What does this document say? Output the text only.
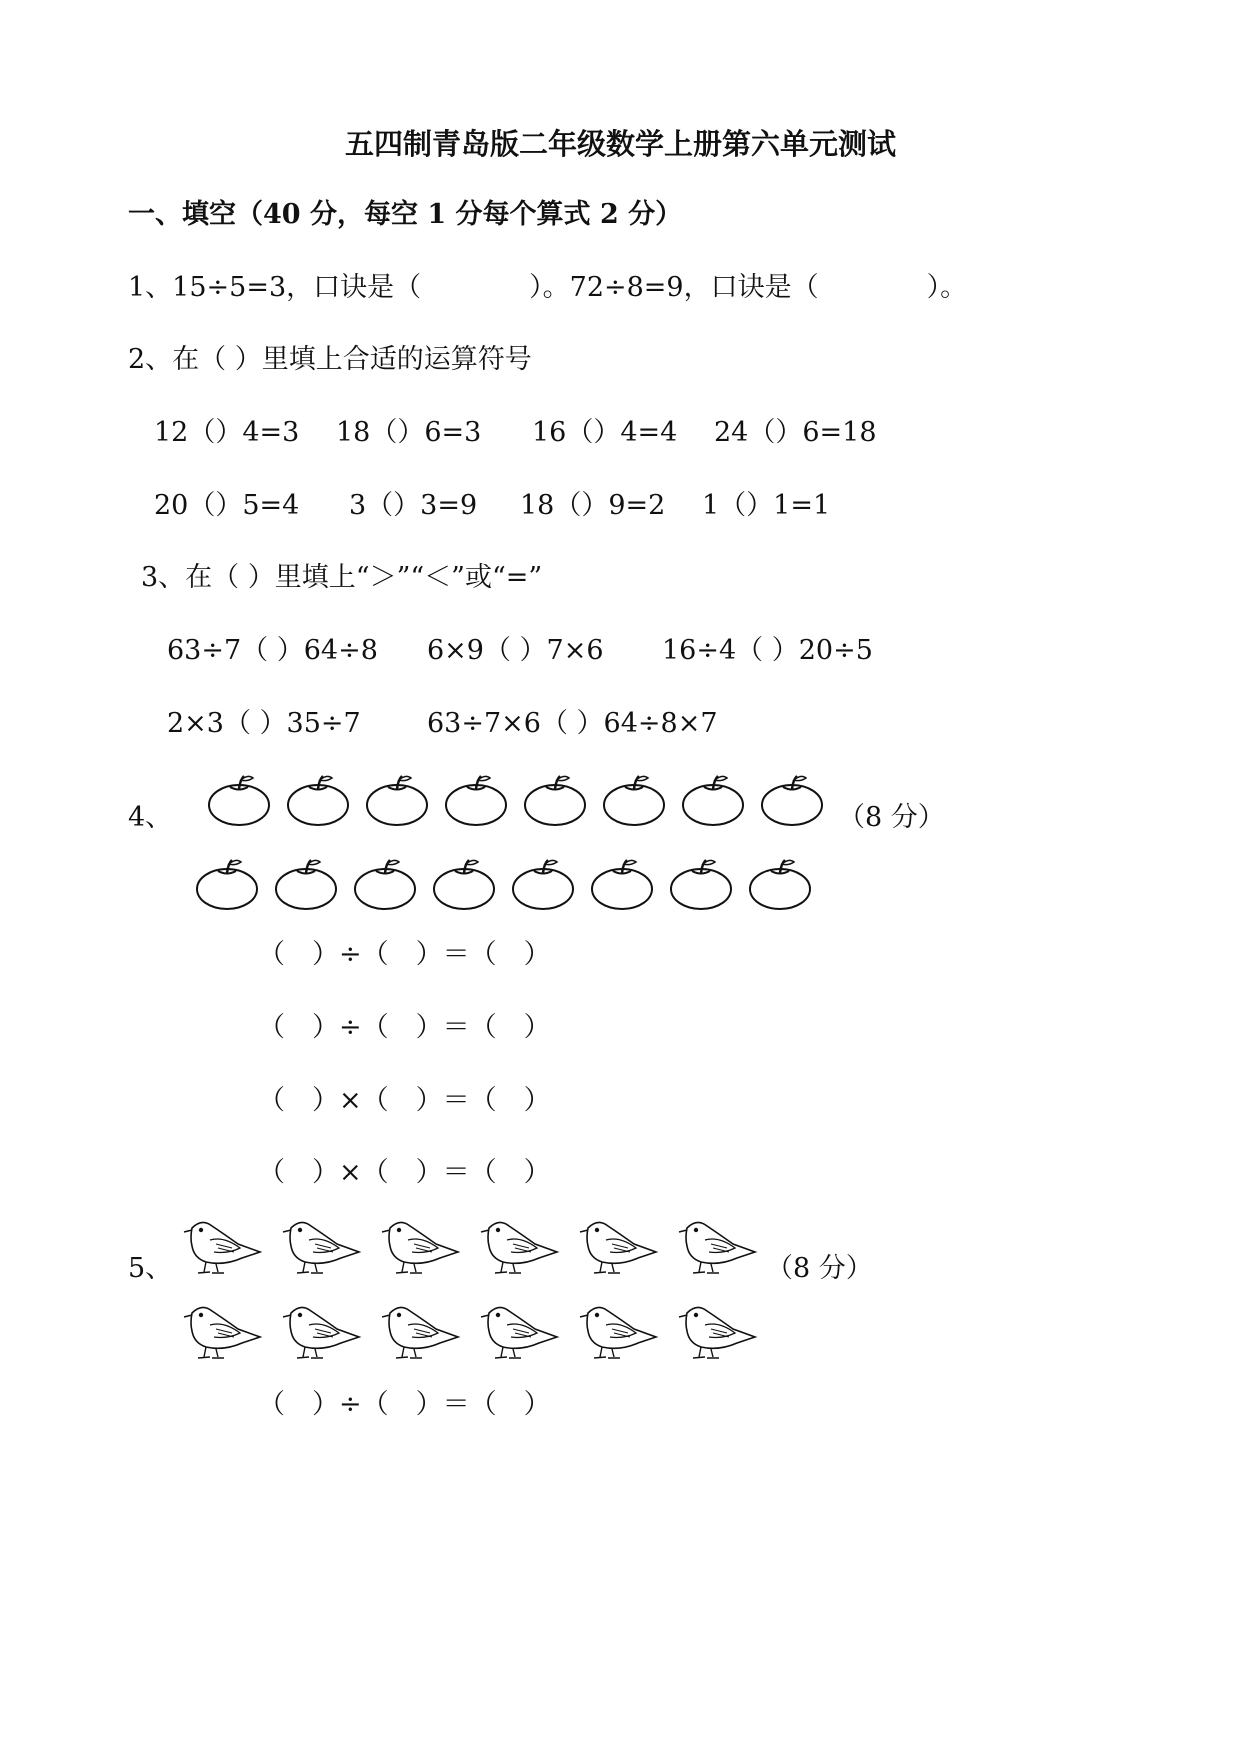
五四制青岛版二年级数学上册第六单元测试
一、填空（40 分，每空 1 分每个算式 2 分）
1、15÷5=3，口诀是（　　　　）。72÷8=9，口诀是（　　　　）。
2、在（ ）里填上合适的运算符号
12（）4=3 18（）6=3 16（）4=4 24（）6=18
20（）5=4 3（）3=9 18（）9=2 1（）1=1
3、在（ ）里填上“＞”“＜”或“=”
63÷7（ ）64÷8 6×9（ ）7×6 16÷4（ ）20÷5
2×3（ ）35÷7 63÷7×6（ ）64÷8×7
4、	（8 分）
（　）÷（　）＝（　）
（　）÷（　）＝（　）
（　）×（　）＝（　）
（　）×（　）＝（　）
5、	（8 分）
（　）÷（　）＝（　）
